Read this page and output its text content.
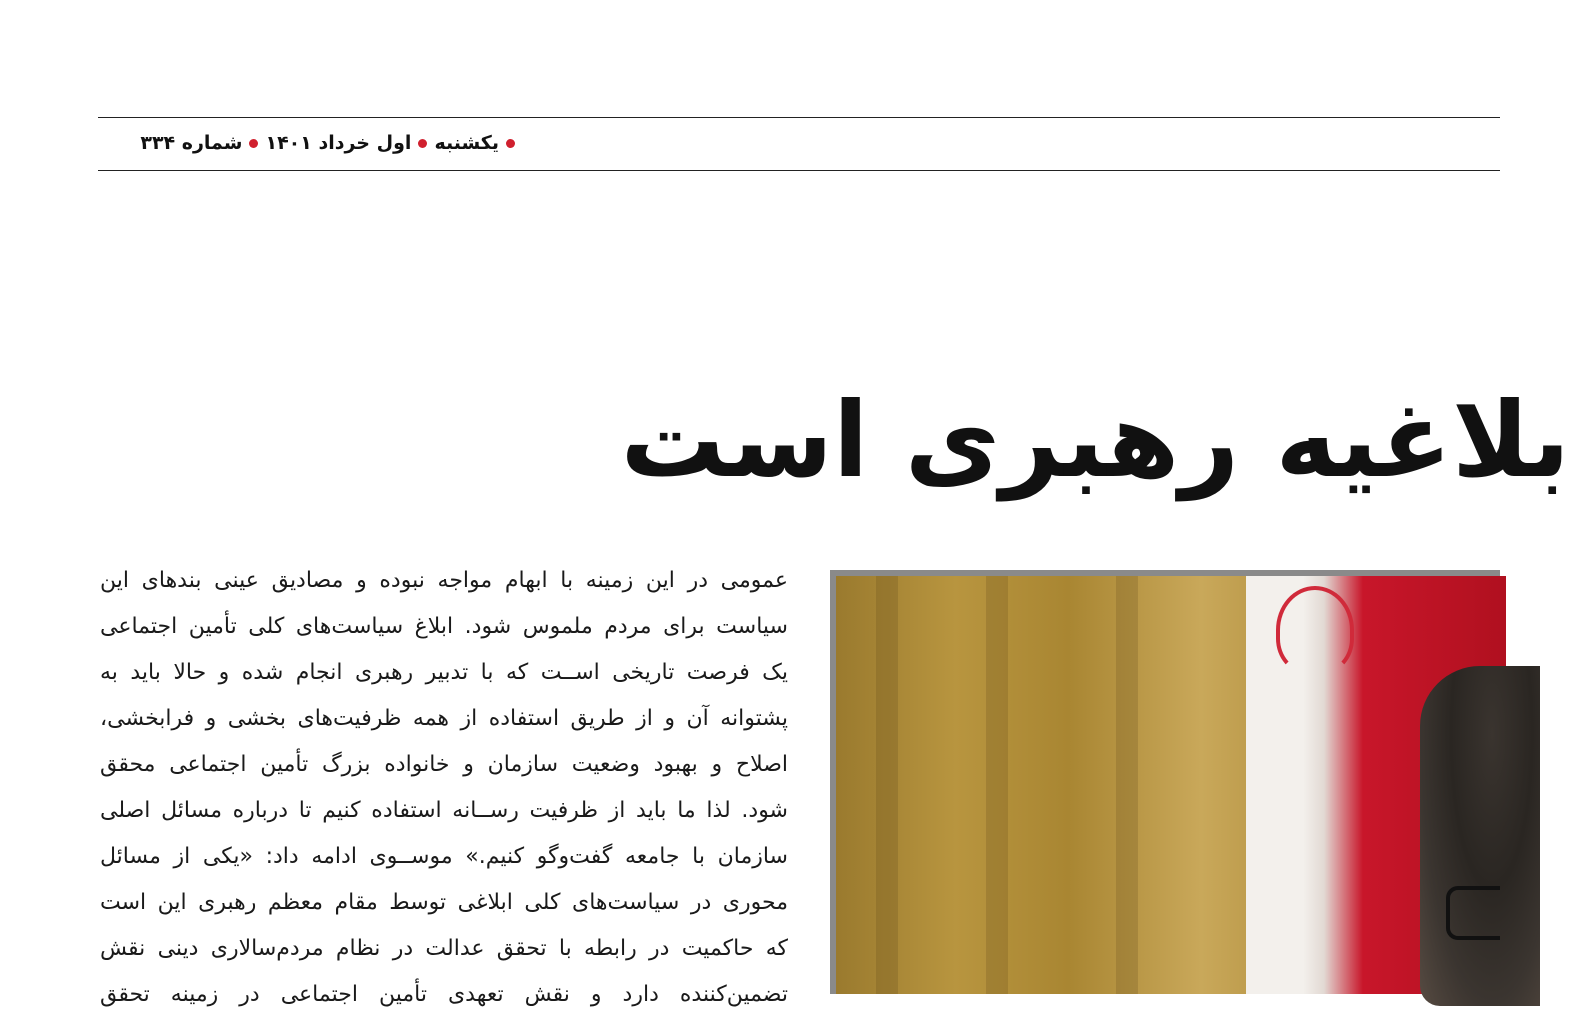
یکشنبه
اول خرداد ۱۴۰۱
شماره ۳۳۴
بلاغیه رهبری است
عمومی در این زمینه با ابهام مواجه نبوده و مصادیق عینی بندهای این
سیاست برای مردم ملموس شود. ابلاغ سیاست‌های کلی تأمین اجتماعی
یک فرصت تاریخی اســت که با تدبیر رهبری انجام شده و حالا باید به
پشتوانه آن و از طریق استفاده از همه ظرفیت‌های بخشی و فرابخشی،
اصلاح و بهبود وضعیت سازمان و خانواده بزرگ تأمین اجتماعی محقق
شود. لذا ما باید از ظرفیت رســانه استفاده کنیم تا درباره مسائل اصلی
سازمان با جامعه گفت‌وگو کنیم.» موســوی ادامه داد: «یکی از مسائل
محوری در سیاست‌های کلی ابلاغی توسط مقام معظم رهبری این است
که حاکمیت در رابطه با تحقق عدالت در نظام مردم‌سالاری دینی نقش
تضمین‌کننده دارد و نقش تعهدی تأمین اجتماعی در زمینه تحقق
